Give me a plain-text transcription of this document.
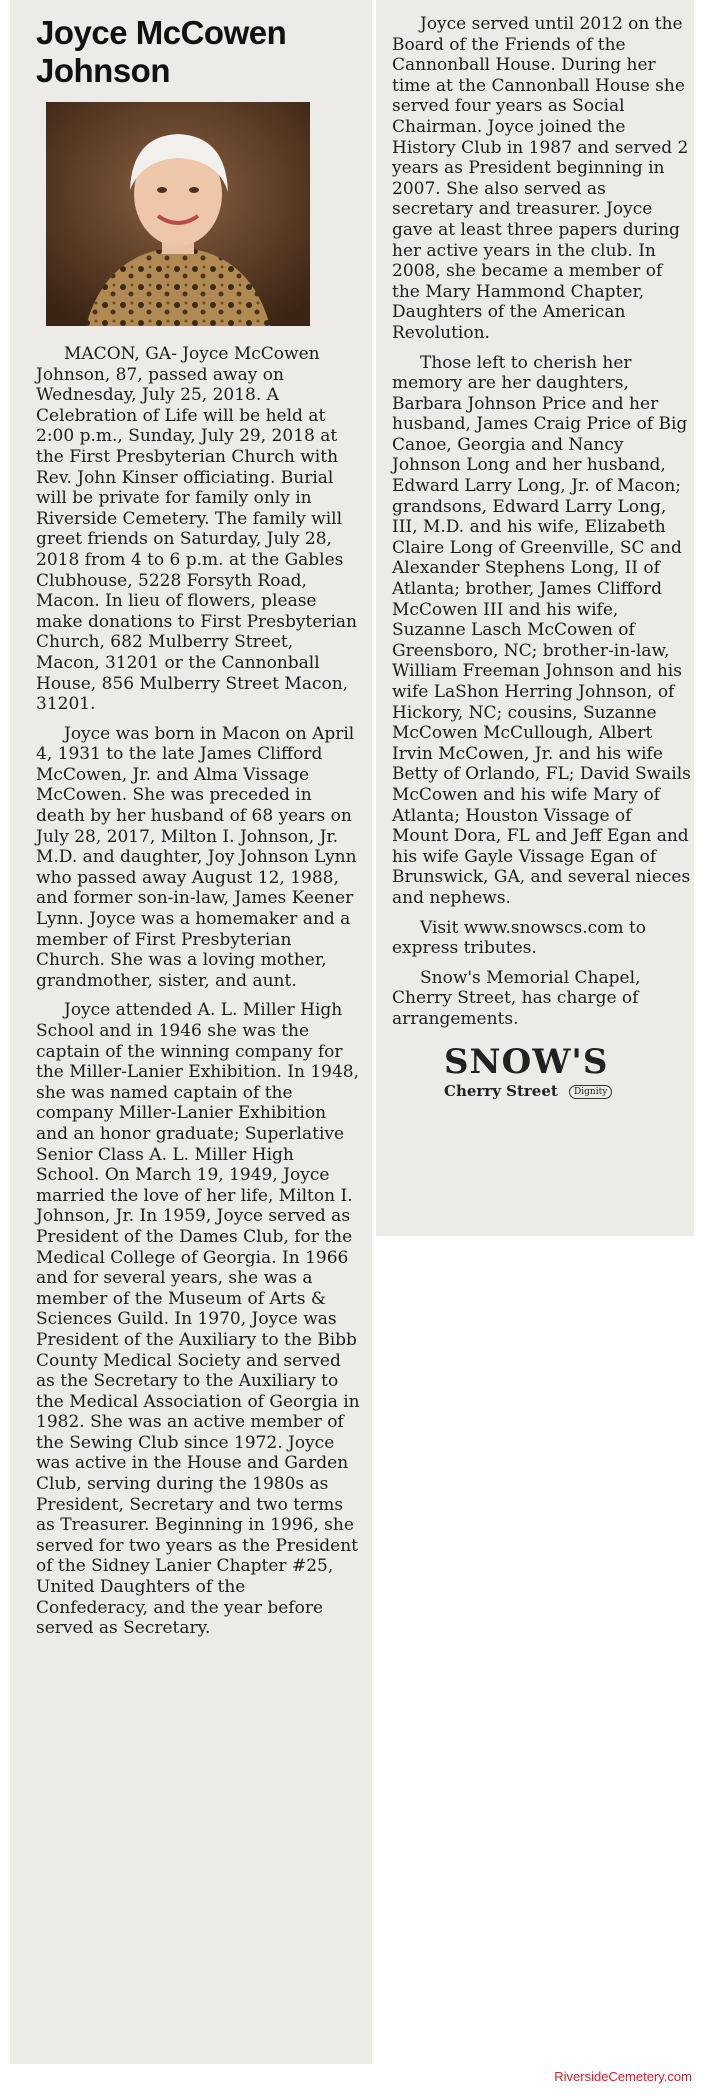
Joyce McCowen Johnson

MACON, GA- Joyce McCowen Johnson, 87, passed away on Wednesday, July 25, 2018. A Celebration of Life will be held at 2:00 p.m., Sunday, July 29, 2018 at the First Presbyterian Church with Rev. John Kinser officiating. Burial will be private for family only in Riverside Cemetery. The family will greet friends on Saturday, July 28, 2018 from 4 to 6 p.m. at the Gables Clubhouse, 5228 Forsyth Road, Macon. In lieu of flowers, please make donations to First Presbyterian Church, 682 Mulberry Street, Macon, 31201 or the Cannonball House, 856 Mulberry Street Macon, 31201.

Joyce was born in Macon on April 4, 1931 to the late James Clifford McCowen, Jr. and Alma Vissage McCowen. She was preceded in death by her husband of 68 years on July 28, 2017, Milton I. Johnson, Jr. M.D. and daughter, Joy Johnson Lynn who passed away August 12, 1988, and former son-in-law, James Keener Lynn. Joyce was a homemaker and a member of First Presbyterian Church. She was a loving mother, grandmother, sister, and aunt.

Joyce attended A. L. Miller High School and in 1946 she was the captain of the winning company for the Miller-Lanier Exhibition. In 1948, she was named captain of the company Miller-Lanier Exhibition and an honor graduate; Superlative Senior Class A. L. Miller High School. On March 19, 1949, Joyce married the love of her life, Milton I. Johnson, Jr. In 1959, Joyce served as President of the Dames Club, for the Medical College of Georgia. In 1966 and for several years, she was a member of the Museum of Arts & Sciences Guild. In 1970, Joyce was President of the Auxiliary to the Bibb County Medical Society and served as the Secretary to the Auxiliary to the Medical Association of Georgia in 1982. She was an active member of the Sewing Club since 1972. Joyce was active in the House and Garden Club, serving during the 1980s as President, Secretary and two terms as Treasurer. Beginning in 1996, she served for two years as the President of the Sidney Lanier Chapter #25, United Daughters of the Confederacy, and the year before served as Secretary.

Joyce served until 2012 on the Board of the Friends of the Cannonball House. During her time at the Cannonball House she served four years as Social Chairman. Joyce joined the History Club in 1987 and served 2 years as President beginning in 2007. She also served as secretary and treasurer. Joyce gave at least three papers during her active years in the club. In 2008, she became a member of the Mary Hammond Chapter, Daughters of the American Revolution.

Those left to cherish her memory are her daughters, Barbara Johnson Price and her husband, James Craig Price of Big Canoe, Georgia and Nancy Johnson Long and her husband, Edward Larry Long, Jr. of Macon; grandsons, Edward Larry Long, III, M.D. and his wife, Elizabeth Claire Long of Greenville, SC and Alexander Stephens Long, II of Atlanta; brother, James Clifford McCowen III and his wife, Suzanne Lasch McCowen of Greensboro, NC; brother-in-law, William Freeman Johnson and his wife LaShon Herring Johnson, of Hickory, NC; cousins, Suzanne McCowen McCullough, Albert Irvin McCowen, Jr. and his wife Betty of Orlando, FL; David Swails McCowen and his wife Mary of Atlanta; Houston Vissage of Mount Dora, FL and Jeff Egan and his wife Gayle Vissage Egan of Brunswick, GA, and several nieces and nephews.

Visit www.snowscs.com to express tributes.

Snow's Memorial Chapel, Cherry Street, has charge of arrangements.

SNOW'S
Cherry Street Dignity
RiversideCemetery.com
